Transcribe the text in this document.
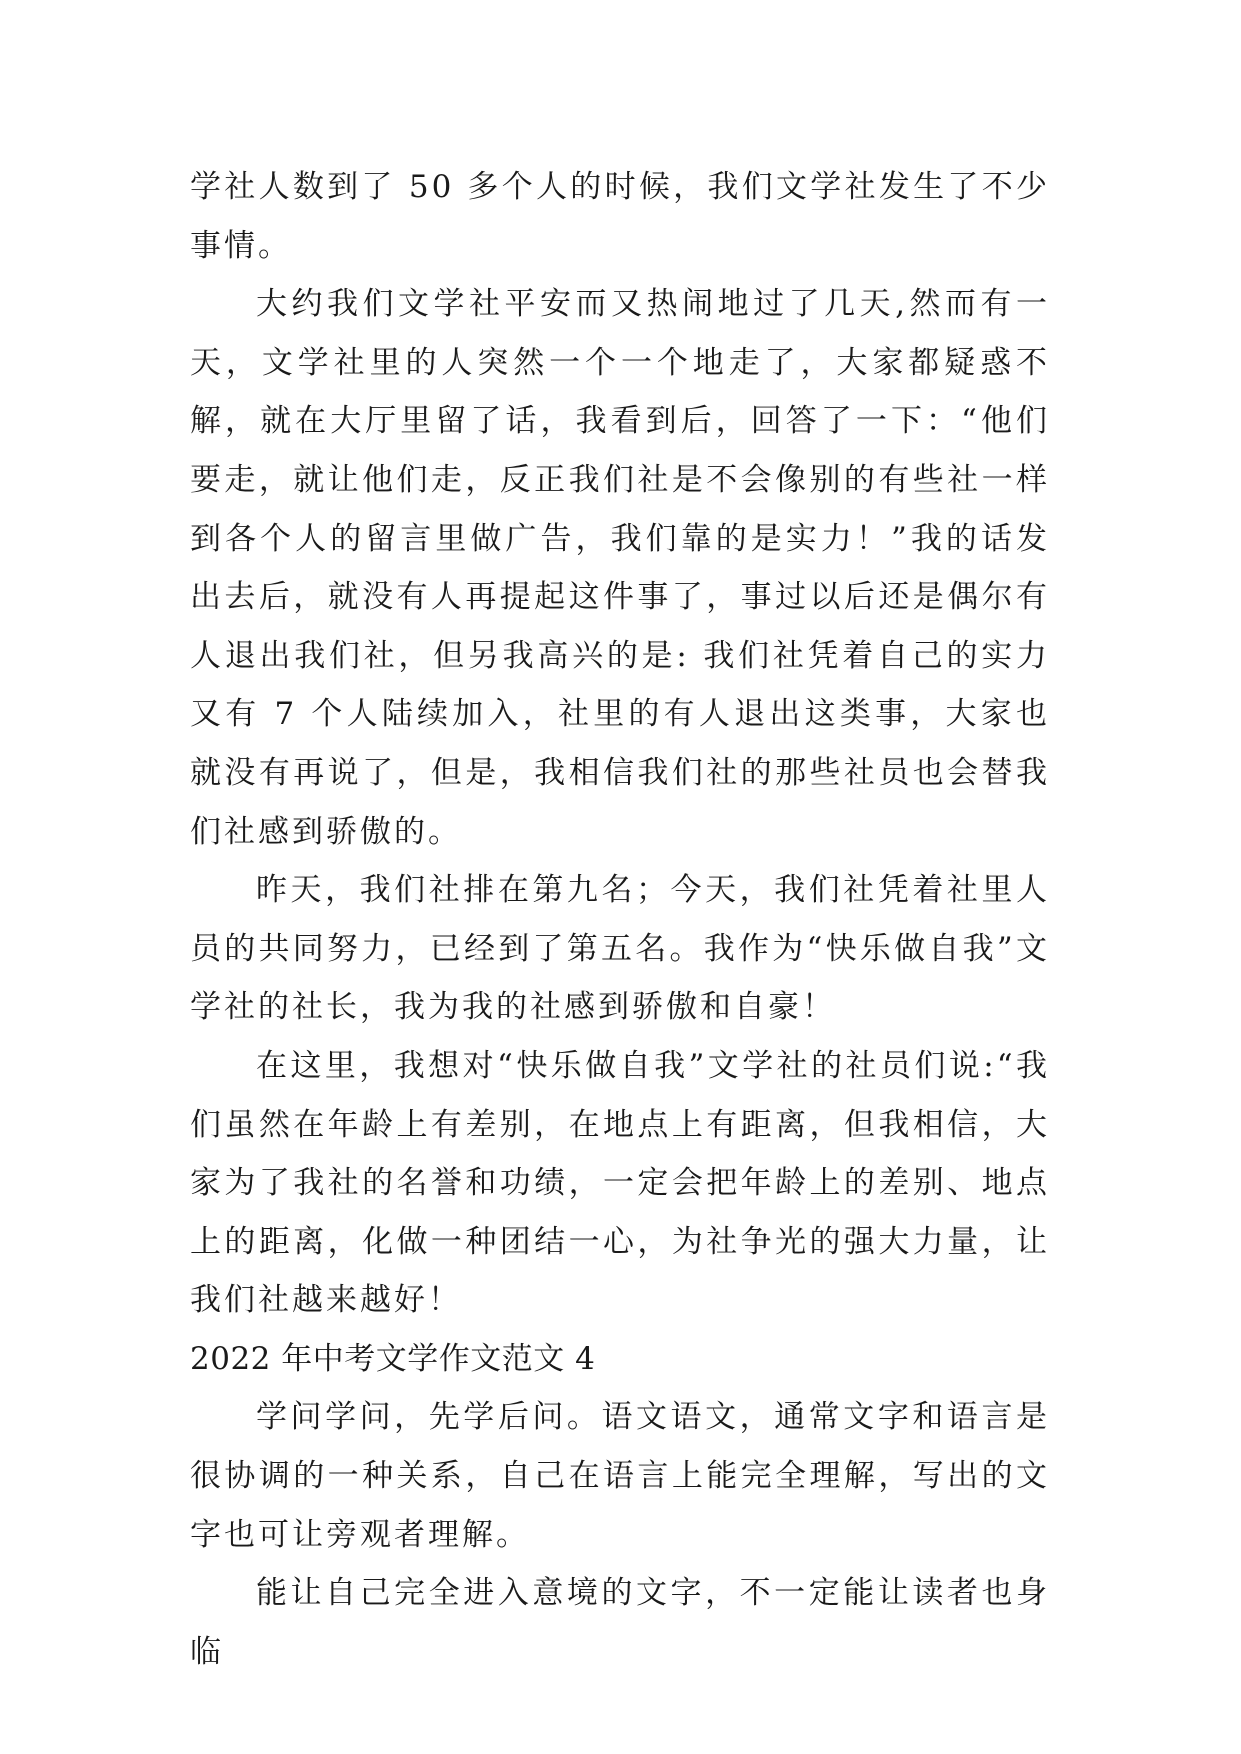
学社人数到了 50 多个人的时候，我们文学社发生了不少事情。

大约我们文学社平安而又热闹地过了几天,然而有一天，文学社里的人突然一个一个地走了，大家都疑惑不解，就在大厅里留了话，我看到后，回答了一下：“他们要走，就让他们走，反正我们社是不会像别的有些社一样到各个人的留言里做广告，我们靠的是实力！”我的话发出去后，就没有人再提起这件事了，事过以后还是偶尔有人退出我们社，但另我高兴的是: 我们社凭着自己的实力又有 7 个人陆续加入，社里的有人退出这类事，大家也就没有再说了，但是，我相信我们社的那些社员也会替我们社感到骄傲的。

昨天，我们社排在第九名；今天，我们社凭着社里人员的共同努力，已经到了第五名。我作为“快乐做自我”文学社的社长，我为我的社感到骄傲和自豪！

在这里，我想对“快乐做自我”文学社的社员们说:“我们虽然在年龄上有差别，在地点上有距离，但我相信，大家为了我社的名誉和功绩，一定会把年龄上的差别、地点上的距离，化做一种团结一心，为社争光的强大力量，让我们社越来越好！

2022 年中考文学作文范文 4

学问学问，先学后问。语文语文，通常文字和语言是很协调的一种关系，自己在语言上能完全理解，写出的文字也可让旁观者理解。

能让自己完全进入意境的文字，不一定能让读者也身临
